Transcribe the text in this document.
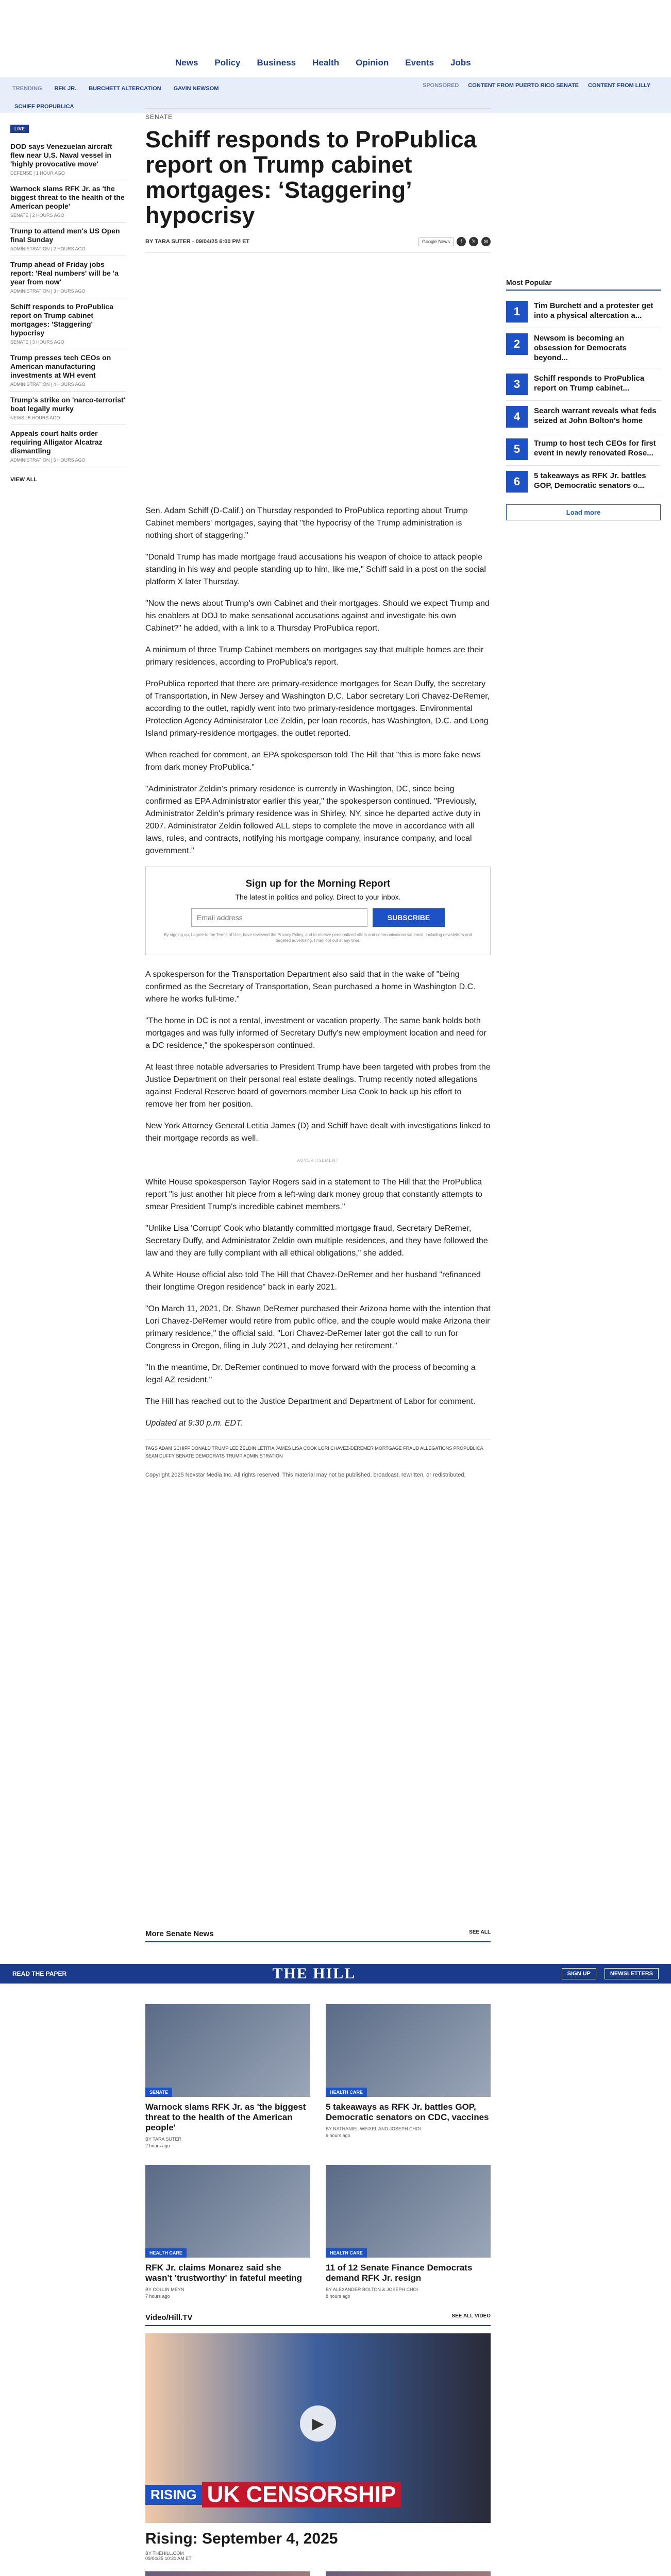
News Policy Business Health Opinion Events Jobs
TRENDING RFK JR. BURCHETT ALTERCATION GAVIN NEWSOM	SPONSORED CONTENT FROM PUERTO RICO SENATE CONTENT FROM LILLY
SCHIFF PROPUBLICA
LIVE
DOD says Venezuelan aircraft flew near U.S. Naval vessel in 'highly provocative move'
DEFENSE | 1 HOUR AGO
Warnock slams RFK Jr. as 'the biggest threat to the health of the American people'
SENATE | 2 HOURS AGO
Trump to attend men's US Open final Sunday
ADMINISTRATION | 2 HOURS AGO
Trump ahead of Friday jobs report: 'Real numbers' will be 'a year from now'
ADMINISTRATION | 3 HOURS AGO
Schiff responds to ProPublica report on Trump cabinet mortgages: 'Staggering' hypocrisy
SENATE | 3 HOURS AGO
Trump presses tech CEOs on American manufacturing investments at WH event
ADMINISTRATION | 4 HOURS AGO
Trump's strike on 'narco-terrorist' boat legally murky
NEWS | 5 HOURS AGO
Appeals court halts order requiring Alligator Alcatraz dismantling
ADMINISTRATION | 5 HOURS AGO
VIEW ALL
SENATE
Schiff responds to ProPublica report on Trump cabinet mortgages: ‘Staggering’ hypocrisy
BY TARA SUTER - 09/04/25 6:00 PM ET	Google News	f	𝕏	✉

Sen. Adam Schiff (D-Calif.) on Thursday responded to ProPublica reporting about Trump Cabinet members' mortgages, saying that "the hypocrisy of the Trump administration is nothing short of staggering."

"Donald Trump has made mortgage fraud accusations his weapon of choice to attack people standing in his way and people standing up to him, like me," Schiff said in a post on the social platform X later Thursday.

"Now the news about Trump's own Cabinet and their mortgages. Should we expect Trump and his enablers at DOJ to make sensational accusations against and investigate his own Cabinet?" he added, with a link to a Thursday ProPublica report.

A minimum of three Trump Cabinet members on mortgages say that multiple homes are their primary residences, according to ProPublica's report.

ProPublica reported that there are primary-residence mortgages for Sean Duffy, the secretary of Transportation, in New Jersey and Washington D.C. Labor secretary Lori Chavez-DeRemer, according to the outlet, rapidly went into two primary-residence mortgages. Environmental Protection Agency Administrator Lee Zeldin, per loan records, has Washington, D.C. and Long Island primary-residence mortgages, the outlet reported.

When reached for comment, an EPA spokesperson told The Hill that "this is more fake news from dark money ProPublica."

"Administrator Zeldin's primary residence is currently in Washington, DC, since being confirmed as EPA Administrator earlier this year," the spokesperson continued. "Previously, Administrator Zeldin's primary residence was in Shirley, NY, since he departed active duty in 2007. Administrator Zeldin followed ALL steps to complete the move in accordance with all laws, rules, and contracts, notifying his mortgage company, insurance company, and local government."

Sign up for the Morning Report
The latest in politics and policy. Direct to your inbox.
Email address
SUBSCRIBE
By signing up, I agree to the Terms of Use, have reviewed the Privacy Policy, and to receive personalized offers and communications via email, including newsletters and targeted advertising. I may opt out at any time.

A spokesperson for the Transportation Department also said that in the wake of "being confirmed as the Secretary of Transportation, Sean purchased a home in Washington D.C. where he works full-time."

"The home in DC is not a rental, investment or vacation property. The same bank holds both mortgages and was fully informed of Secretary Duffy's new employment location and need for a DC residence," the spokesperson continued.

At least three notable adversaries to President Trump have been targeted with probes from the Justice Department on their personal real estate dealings. Trump recently noted allegations against Federal Reserve board of governors member Lisa Cook to back up his effort to remove her from her position.

New York Attorney General Letitia James (D) and Schiff have dealt with investigations linked to their mortgage records as well.

ADVERTISEMENT

White House spokesperson Taylor Rogers said in a statement to The Hill that the ProPublica report "is just another hit piece from a left-wing dark money group that constantly attempts to smear President Trump's incredible cabinet members."

"Unlike Lisa 'Corrupt' Cook who blatantly committed mortgage fraud, Secretary DeRemer, Secretary Duffy, and Administrator Zeldin own multiple residences, and they have followed the law and they are fully compliant with all ethical obligations," she added.

A White House official also told The Hill that Chavez-DeRemer and her husband "refinanced their longtime Oregon residence" back in early 2021.

"On March 11, 2021, Dr. Shawn DeRemer purchased their Arizona home with the intention that Lori Chavez-DeRemer would retire from public office, and the couple would make Arizona their primary residence," the official said. "Lori Chavez-DeRemer later got the call to run for Congress in Oregon, filing in July 2021, and delaying her retirement."

"In the meantime, Dr. DeRemer continued to move forward with the process of becoming a legal AZ resident."

The Hill has reached out to the Justice Department and Department of Labor for comment.

Updated at 9:30 p.m. EDT.

TAGS ADAM SCHIFF DONALD TRUMP LEE ZELDIN LETITIA JAMES LISA COOK LORI CHAVEZ-DEREMER MORTGAGE FRAUD ALLEGATIONS PROPUBLICA SEAN DUFFY SENATE DEMOCRATS TRUMP ADMINISTRATION
Copyright 2025 Nexstar Media Inc. All rights reserved. This material may not be published, broadcast, rewritten, or redistributed.
Most Popular
1	Tim Burchett and a protester get into a physical altercation a...
2	Newsom is becoming an obsession for Democrats beyond...
3	Schiff responds to ProPublica report on Trump cabinet...
4	Search warrant reveals what feds seized at John Bolton's home
5	Trump to host tech CEOs for first event in newly renovated Rose...
6	5 takeaways as RFK Jr. battles GOP, Democratic senators o...
Load more
More Senate News	SEE ALL
SENATE
Warnock slams RFK Jr. as 'the biggest threat to the health of the American people'
BY TARA SUTER
2 hours ago
HEALTH CARE
5 takeaways as RFK Jr. battles GOP, Democratic senators on CDC, vaccines
BY NATHANIEL WEIXEL AND JOSEPH CHOI
6 hours ago
HEALTH CARE
RFK Jr. claims Monarez said she wasn't 'trustworthy' in fateful meeting
BY COLLIN MEYN
7 hours ago
HEALTH CARE
11 of 12 Senate Finance Democrats demand RFK Jr. resign
BY ALEXANDER BOLTON & JOSEPH CHOI
8 hours ago
READ THE PAPER	THE HILL	SIGN UP	NEWSLETTERS
Video/Hill.TV	SEE ALL VIDEO
▶
RISING UK CENSORSHIP
Rising: September 4, 2025
BY THEHILL.COM
09/04/25 10:30 AM ET
